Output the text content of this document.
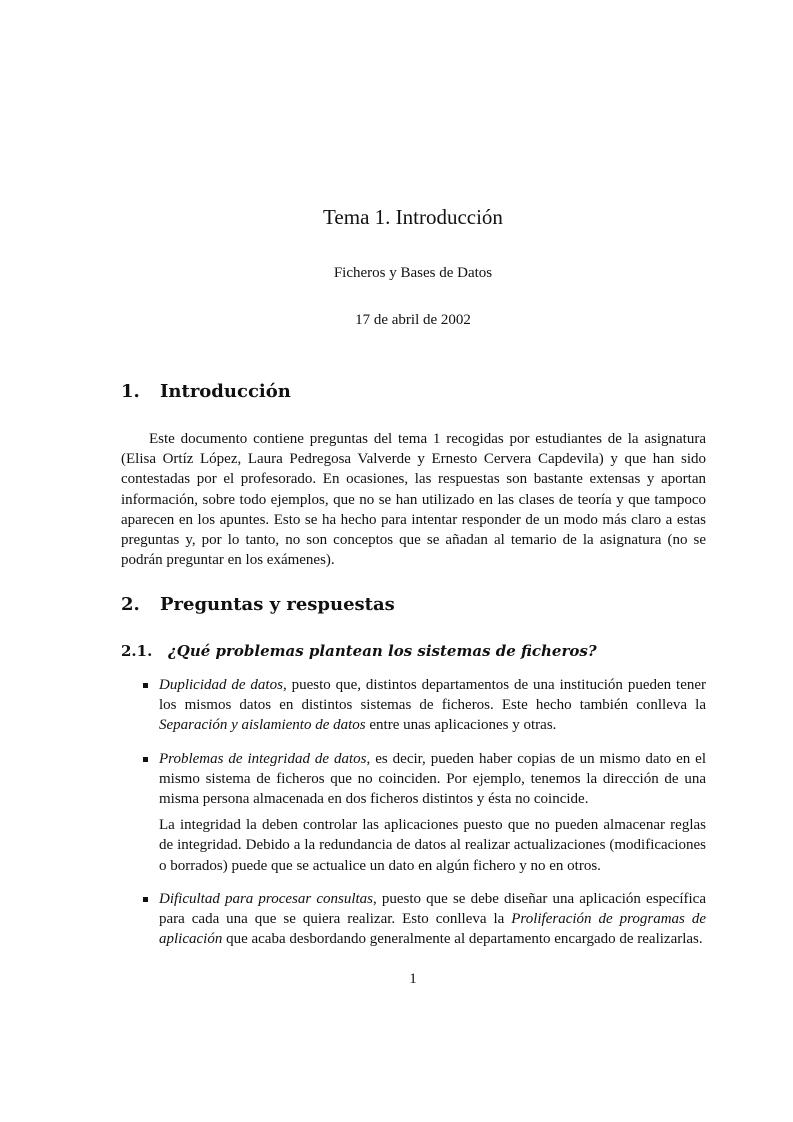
Tema 1. Introducción
Ficheros y Bases de Datos
17 de abril de 2002
1. Introducción
Este documento contiene preguntas del tema 1 recogidas por estudiantes de la asignatura (Elisa Ortíz López, Laura Pedregosa Valverde y Ernesto Cervera Capdevila) y que han sido contestadas por el profesorado. En ocasiones, las respuestas son bastante extensas y aportan información, sobre todo ejemplos, que no se han utilizado en las clases de teoría y que tampoco aparecen en los apuntes. Esto se ha hecho para intentar responder de un modo más claro a estas preguntas y, por lo tanto, no son conceptos que se añadan al temario de la asignatura (no se podrán preguntar en los exámenes).
2. Preguntas y respuestas
2.1. ¿Qué problemas plantean los sistemas de ficheros?

Duplicidad de datos, puesto que, distintos departamentos de una institución pueden tener los mismos datos en distintos sistemas de ficheros. Este hecho también conlleva la Separación y aislamiento de datos entre unas aplicaciones y otras.

Problemas de integridad de datos, es decir, pueden haber copias de un mismo dato en el mismo sistema de ficheros que no coinciden. Por ejemplo, tenemos la dirección de una misma persona almacenada en dos ficheros distintos y ésta no coincide.

La integridad la deben controlar las aplicaciones puesto que no pueden almacenar reglas de integridad. Debido a la redundancia de datos al realizar actualizaciones (modificaciones o borrados) puede que se actualice un dato en algún fichero y no en otros.

Dificultad para procesar consultas, puesto que se debe diseñar una aplicación específica para cada una que se quiera realizar. Esto conlleva la Proliferación de programas de aplicación que acaba desbordando generalmente al departamento encargado de realizarlas.

1
